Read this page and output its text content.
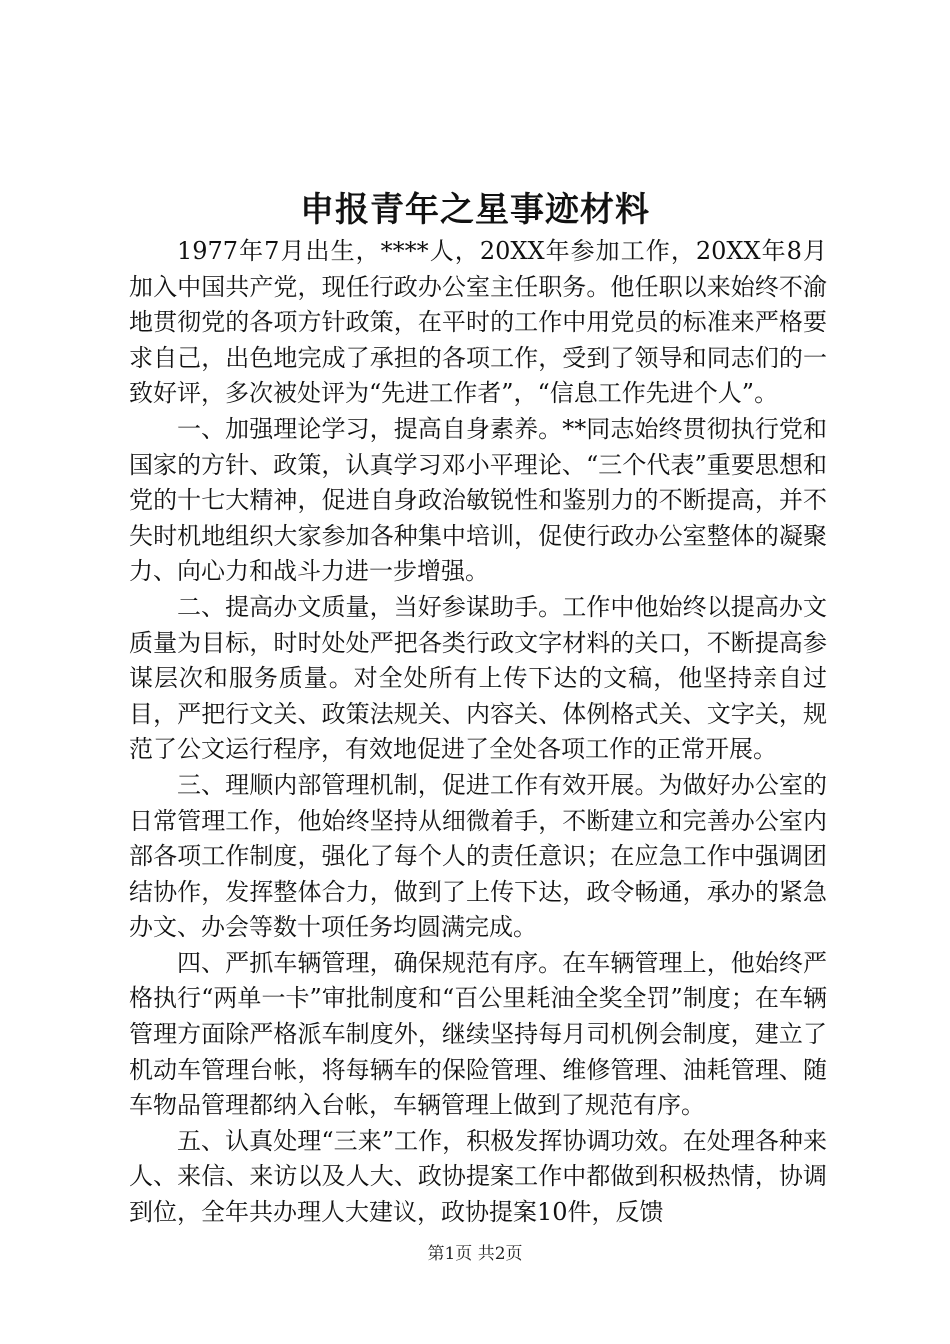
申报青年之星事迹材料

1977年7月出生，****人，20XX年参加工作，20XX年8月加入中国共产党，现任行政办公室主任职务。他任职以来始终不渝地贯彻党的各项方针政策，在平时的工作中用党员的标准来严格要求自己，出色地完成了承担的各项工作，受到了领导和同志们的一致好评，多次被处评为“先进工作者”，“信息工作先进个人”。

一、加强理论学习，提高自身素养。**同志始终贯彻执行党和国家的方针、政策，认真学习邓小平理论、“三个代表”重要思想和党的十七大精神，促进自身政治敏锐性和鉴别力的不断提高，并不失时机地组织大家参加各种集中培训，促使行政办公室整体的凝聚力、向心力和战斗力进一步增强。

二、提高办文质量，当好参谋助手。工作中他始终以提高办文质量为目标，时时处处严把各类行政文字材料的关口，不断提高参谋层次和服务质量。对全处所有上传下达的文稿，他坚持亲自过目，严把行文关、政策法规关、内容关、体例格式关、文字关，规范了公文运行程序，有效地促进了全处各项工作的正常开展。

三、理顺内部管理机制，促进工作有效开展。为做好办公室的日常管理工作，他始终坚持从细微着手，不断建立和完善办公室内部各项工作制度，强化了每个人的责任意识；在应急工作中强调团结协作，发挥整体合力，做到了上传下达，政令畅通，承办的紧急办文、办会等数十项任务均圆满完成。

四、严抓车辆管理，确保规范有序。在车辆管理上，他始终严格执行“两单一卡”审批制度和“百公里耗油全奖全罚”制度；在车辆管理方面除严格派车制度外，继续坚持每月司机例会制度，建立了机动车管理台帐，将每辆车的保险管理、维修管理、油耗管理、随车物品管理都纳入台帐，车辆管理上做到了规范有序。

五、认真处理“三来”工作，积极发挥协调功效。在处理各种来人、来信、来访以及人大、政协提案工作中都做到积极热情，协调到位，全年共办理人大建议，政协提案10件，反馈

第1页 共2页
